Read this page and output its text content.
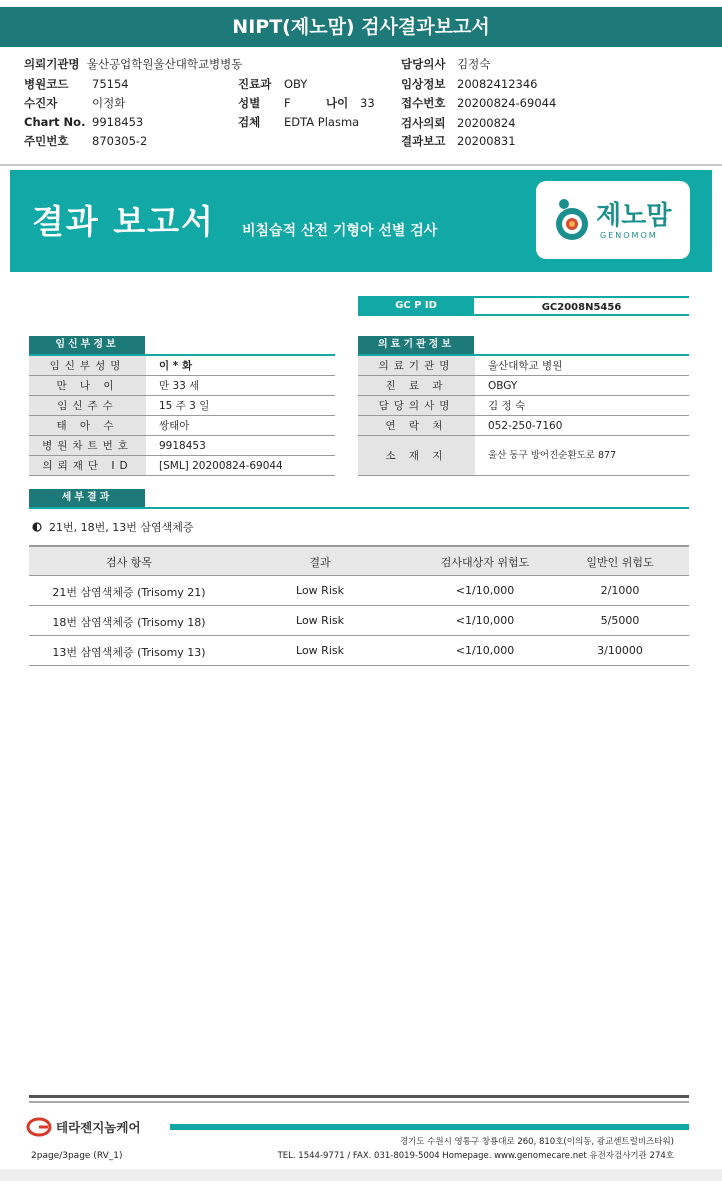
NIPT(제노맘) 검사결과보고서
의뢰기관명 울산공업학원울산대학교병병동
병원코드 75154	진료과 OBY
수진자	이정화	성별 F	나이 33
Chart No. 9918453	검체 EDTA Plasma
주민번호 870305-2
담당의사 김정숙
임상정보 20082412346
접수번호 20200824-69044
검사의뢰 20200824
결과보고 20200831
결과 보고서 비침습적 산전 기형아 선별 검사	제노맘
GENOMOM
GC P ID	GC2008N5456
임신부정보
임신부성명	이 * 화
만 나 이	만 33 세
임신주수	15 주 3 일
태 아 수	쌍태아
병원차트번호	9918453
의뢰재단 ID	[SML] 20200824-69044
의료기관정보
의료기관명	울산대학교 병원
진 료 과	OBGY
담당의사명	김 정 숙
연 락 처	052-250-7160
소 재 지	울산 동구 방어진순환도로 877
세부결과
21번, 18번, 13번 삼염색체증
검사 항목	결과	검사대상자 위험도	일반인 위험도
21번 삼염색체증 (Trisomy 21)	Low Risk	<1/10,000	2/1000
18번 삼염색체증 (Trisomy 18)	Low Risk	<1/10,000	5/5000
13번 삼염색체증 (Trisomy 13)	Low Risk	<1/10,000	3/10000
테라젠지놈케어
경기도 수원시 영통구 창룡대로 260, 810호(이의동, 광교센트럴비즈타워)
TEL. 1544-9771 / FAX. 031-8019-5004 Homepage. www.genomecare.net 유전자검사기관 274호
2page/3page (RV_1)
